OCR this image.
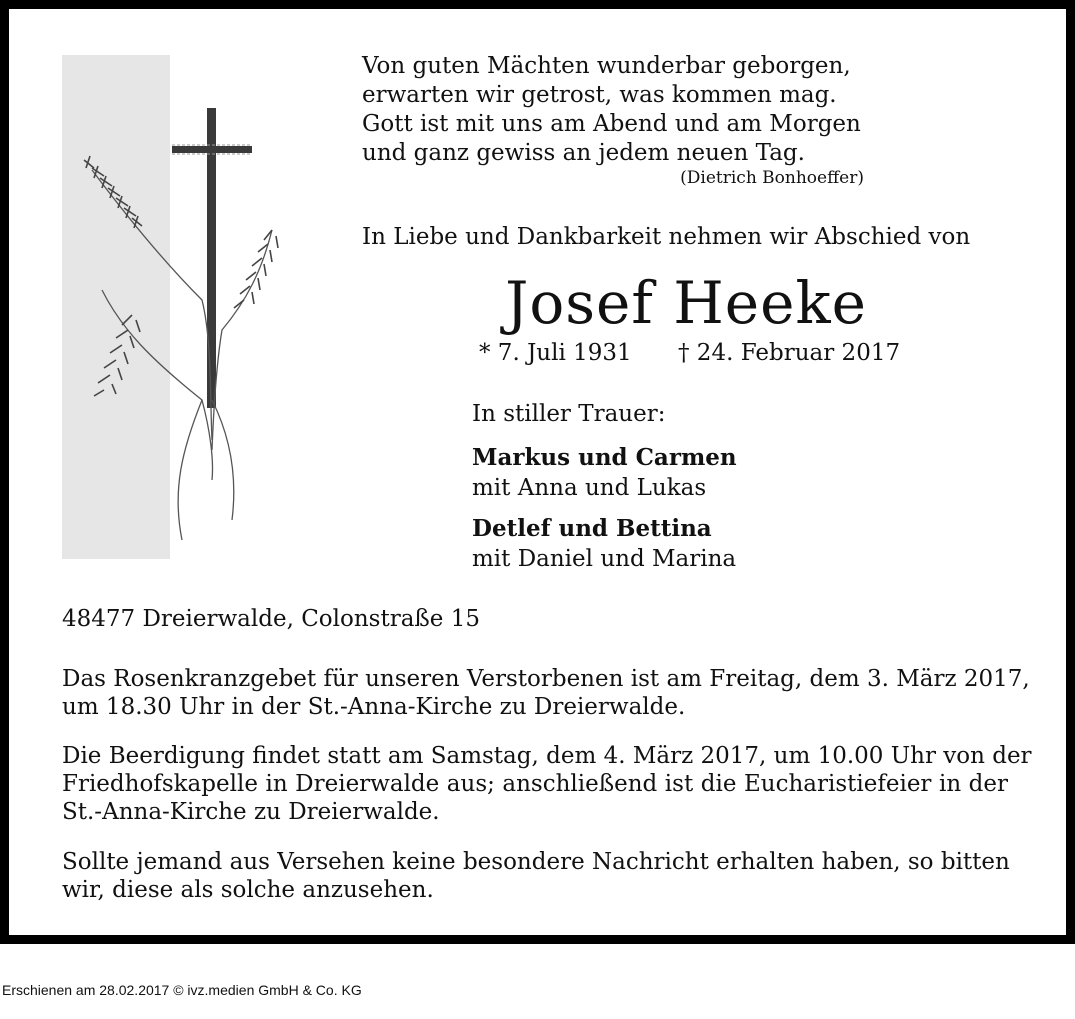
Von guten Mächten wunderbar geborgen,
erwarten wir getrost, was kommen mag.
Gott ist mit uns am Abend und am Morgen
und ganz gewiss an jedem neuen Tag.
(Dietrich Bonhoeffer)
In Liebe und Dankbarkeit nehmen wir Abschied von
Josef Heeke
* 7. Juli 1931 † 24. Februar 2017
In stiller Trauer:
Markus und Carmen
mit Anna und Lukas
Detlef und Bettina
mit Daniel und Marina
48477 Dreierwalde, Colonstraße 15
Das Rosenkranzgebet für unseren Verstorbenen ist am Freitag, dem 3. März 2017,
um 18.30 Uhr in der St.-Anna-Kirche zu Dreierwalde.
Die Beerdigung findet statt am Samstag, dem 4. März 2017, um 10.00 Uhr von der
Friedhofskapelle in Dreierwalde aus; anschließend ist die Eucharistiefeier in der
St.-Anna-Kirche zu Dreierwalde.
Sollte jemand aus Versehen keine besondere Nachricht erhalten haben, so bitten
wir, diese als solche anzusehen.
Erschienen am 28.02.2017 © ivz.medien GmbH & Co. KG
